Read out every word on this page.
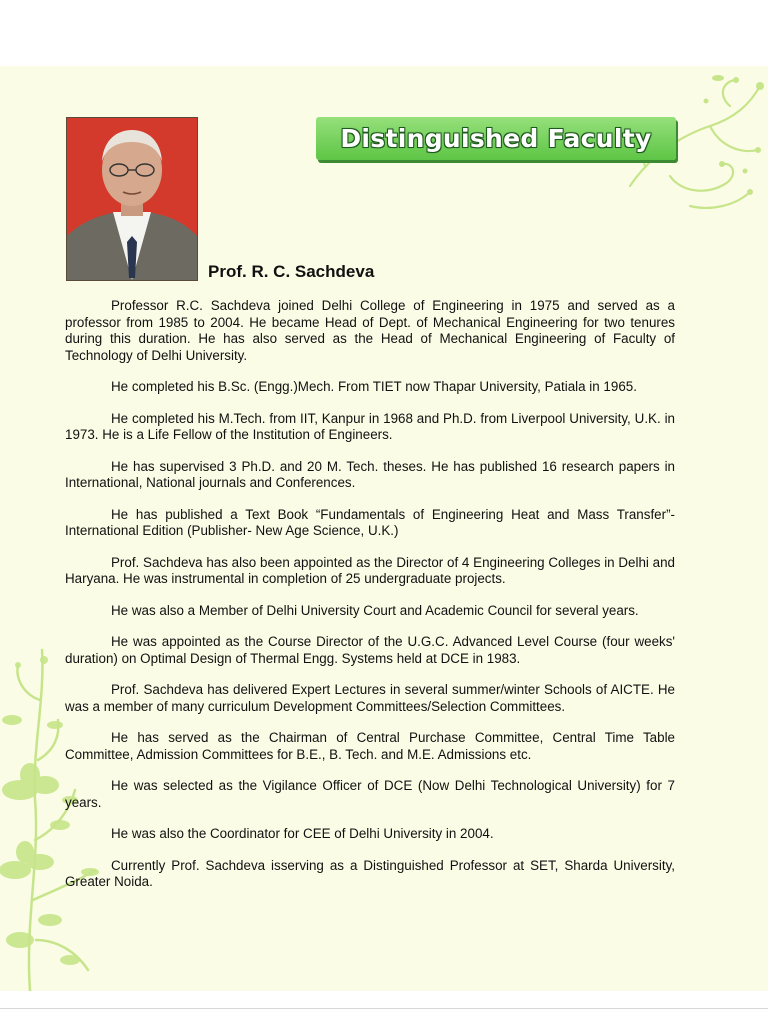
Distinguished Faculty
Prof. R. C. Sachdeva

Professor R.C. Sachdeva joined Delhi College of Engineering in 1975 and served as a professor from 1985 to 2004. He became Head of Dept. of Mechanical Engineering for two tenures during this duration. He has also served as the Head of Mechanical Engineering of Faculty of Technology of Delhi University.

He completed his B.Sc. (Engg.)Mech. From TIET now Thapar University, Patiala in 1965.

He completed his M.Tech. from IIT, Kanpur in 1968 and Ph.D. from Liverpool University, U.K. in 1973. He is a Life Fellow of the Institution of Engineers.

He has supervised 3 Ph.D. and 20 M. Tech. theses. He has published 16 research papers in International, National journals and Conferences.

He has published a Text Book “Fundamentals of Engineering Heat and Mass Transfer”- International Edition (Publisher- New Age Science, U.K.)

Prof. Sachdeva has also been appointed as the Director of 4 Engineering Colleges in Delhi and Haryana. He was instrumental in completion of 25 undergraduate projects.

He was also a Member of Delhi University Court and Academic Council for several years.

He was appointed as the Course Director of the U.G.C. Advanced Level Course (four weeks' duration) on Optimal Design of Thermal Engg. Systems held at DCE in 1983.

Prof. Sachdeva has delivered Expert Lectures in several summer/winter Schools of AICTE. He was a member of many curriculum Development Committees/Selection Committees.

He has served as the Chairman of Central Purchase Committee, Central Time Table Committee, Admission Committees for B.E., B. Tech. and M.E. Admissions etc.

He was selected as the Vigilance Officer of DCE (Now Delhi Technological University) for 7 years.

He was also the Coordinator for CEE of Delhi University in 2004.

Currently Prof. Sachdeva isserving as a Distinguished Professor at SET, Sharda University, Greater Noida.
